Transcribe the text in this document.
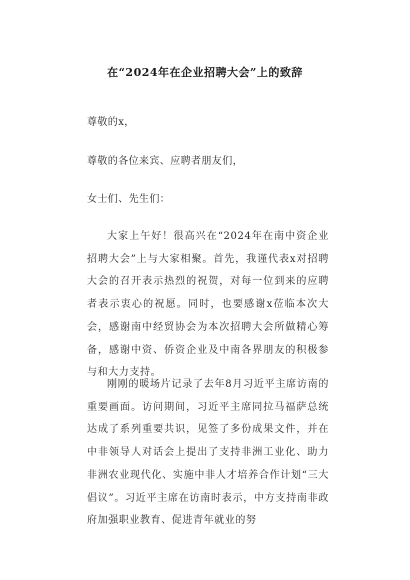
在“2024年在企业招聘大会”上的致辞
尊敬的x，
尊敬的各位来宾、应聘者朋友们，
女士们、先生们：
大家上午好！很高兴在“2024年在南中资企业招聘大会”上与大家相聚。首先，我谨代表x对招聘大会的召开表示热烈的祝贺，对每一位到来的应聘者表示衷心的祝愿。同时，也要感谢x莅临本次大会，感谢南中经贸协会为本次招聘大会所做精心筹备，感谢中资、侨资企业及中南各界朋友的积极参与和大力支持。
刚刚的暖场片记录了去年8月习近平主席访南的重要画面。访问期间，习近平主席同拉马福萨总统达成了系列重要共识，见签了多份成果文件，并在中非领导人对话会上提出了支持非洲工业化、助力非洲农业现代化、实施中非人才培养合作计划“三大倡议”。习近平主席在访南时表示，中方支持南非政府加强职业教育、促进青年就业的努
